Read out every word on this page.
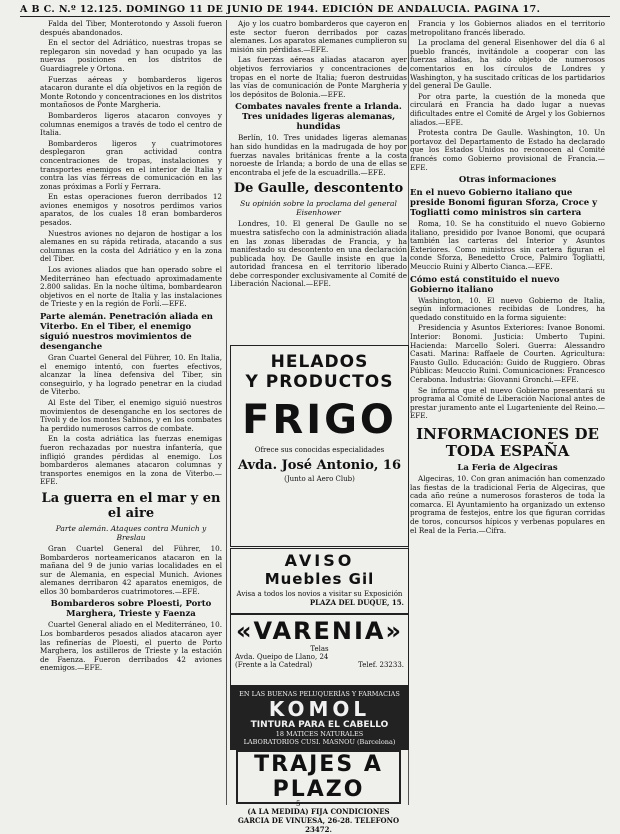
A B C. N.º 12.125. DOMINGO 11 DE JUNIO DE 1944. EDICIÓN DE ANDALUCIA. PAGINA 17.

Falda del Tiber, Monterotondo y Assoli fueron después abandonados.

En el sector del Adriático, nuestras tropas se replegaron sin novedad y han ocupado ya las nuevas posiciones en los distritos de Guardiagrele y Ortona.

Fuerzas aéreas y bombarderos ligeros atacaron durante el día objetivos en la región de Monte Rotondo y concentraciones en los distritos montañosos de Ponte Margheria.

Bombarderos ligeros atacaron convoyes y columnas enemigos a través de todo el centro de Italia.

Bombarderos ligeros y cuatrimotores desplegaron gran actividad contra concentraciones de tropas, instalaciones y transportes enemigos en el interior de Italia y contra las vías férreas de comunicación en las zonas próximas a Forlí y Ferrara.

En estas operaciones fueron derribados 12 aviones enemigos y nosotros perdimos varios aparatos, de los cuales 18 eran bombarderos pesados.

Nuestros aviones no dejaron de hostigar a los alemanes en su rápida retirada, atacando a sus columnas en la costa del Adriático y en la zona del Tiber.

Los aviones aliados que han operado sobre el Mediterráneo han efectuado aproximadamente 2.800 salidas. En la noche última, bombardearon objetivos en el norte de Italia y las instalaciones de Trieste y en la región de Forlí.—EFE.

Parte alemán. Penetración aliada en Viterbo. En el Tiber, el enemigo siguió nuestros movimientos de desenganche

Gran Cuartel General del Führer, 10. En Italia, el enemigo intentó, con fuertes efectivos, alcanzar la línea defensiva del Tiber, sin conseguirlo, y ha logrado penetrar en la ciudad de Viterbo.

Al Este del Tiber, el enemigo siguió nuestros movimientos de desenganche en los sectores de Tívoli y de los montes Sabinos, y en los combates ha perdido numerosos carros de combate.

En la costa adriática las fuerzas enemigas fueron rechazadas por nuestra infantería, que infligió grandes pérdidas al enemigo. Los bombarderos alemanes atacaron columnas y transportes enemigos en la zona de Viterbo.—EFE.

La guerra en el mar y en el aire
Parte alemán. Ataques contra Munich y Breslau

Gran Cuartel General del Führer, 10. Bombarderos norteamericanos atacaron en la mañana del 9 de junio varias localidades en el sur de Alemania, en especial Munich. Aviones alemanes derribaron 42 aparatos enemigos, de ellos 30 bombarderos cuatrimotores.—EFE.

Bombarderos sobre Ploesti, Porto Marghera, Trieste y Faenza

Cuartel General aliado en el Mediterráneo, 10. Los bombarderos pesados aliados atacaron ayer las refinerías de Ploesti, el puerto de Porto Marghera, los astilleros de Trieste y la estación de Faenza. Fueron derribados 42 aviones enemigos.—EFE.

Ajo y los cuatro bombarderos que cayeron en este sector fueron derribados por cazas alemanes. Los aparatos alemanes cumplieron su misión sin pérdidas.—EFE.

Las fuerzas aéreas aliadas atacaron ayer objetivos ferroviarios y concentraciones de tropas en el norte de Italia; fueron destruidas las vías de comunicación de Ponte Margheria y los depósitos de Bolonia.—EFE.

Combates navales frente a Irlanda. Tres unidades ligeras alemanas, hundidas

Berlín, 10. Tres unidades ligeras alemanas han sido hundidas en la madrugada de hoy por fuerzas navales británicas frente a la costa noroeste de Irlanda; a bordo de una de ellas se encontraba el jefe de la escuadrilla.—EFE.

De Gaulle, descontento
Su opinión sobre la proclama del general Eisenhower

Londres, 10. El general De Gaulle no se muestra satisfecho con la administración aliada en las zonas liberadas de Francia, y ha manifestado su descontento en una declaración publicada hoy. De Gaulle insiste en que la autoridad francesa en el territorio liberado debe corresponder exclusivamente al Comité de Liberación Nacional.—EFE.

HELADOS
Y PRODUCTOS
FRIGO
Ofrece sus conocidas especialidades
Avda. José Antonio, 16
(Junto al Aero Club)
AVISO
Muebles Gil
Avisa a todos los novios a visitar su Exposición
PLAZA DEL DUQUE, 15.
«VARENIA»
Telas
Avda. Queipo de Llano, 24
(Frente a la Catedral)	Telef. 23233.
EN LAS BUENAS PELUQUERÍAS Y FARMACIAS
KOMOL
TINTURA PARA EL CABELLO
18 MATICES NATURALES
LABORATORIOS CUSI. MASNOU (Barcelona)
TRAJES A PLAZO
(A LA MEDIDA) FIJA CONDICIONES
GARCIA DE VINUESA, 26-28. TELEFONO 23472.

Francia y los Gobiernos aliados en el territorio metropolitano francés liberado.

La proclama del general Eisenhower del día 6 al pueblo francés, invitándole a cooperar con las fuerzas aliadas, ha sido objeto de numerosos comentarios en los círculos de Londres y Washington, y ha suscitado críticas de los partidarios del general De Gaulle.

Por otra parte, la cuestión de la moneda que circulará en Francia ha dado lugar a nuevas dificultades entre el Comité de Argel y los Gobiernos aliados.—EFE.

Protesta contra De Gaulle. Washington, 10. Un portavoz del Departamento de Estado ha declarado que los Estados Unidos no reconocen al Comité francés como Gobierno provisional de Francia.—EFE.

Otras informaciones
En el nuevo Gobierno italiano que preside Bonomi figuran Sforza, Croce y Togliatti como ministros sin cartera

Roma, 10. Se ha constituido el nuevo Gobierno italiano, presidido por Ivanoe Bonomi, que ocupará también las carteras del Interior y Asuntos Exteriores. Como ministros sin cartera figuran el conde Sforza, Benedetto Croce, Palmiro Togliatti, Meuccio Ruini y Alberto Cianca.—EFE.

Cómo está constituido el nuevo Gobierno italiano

Washington, 10. El nuevo Gobierno de Italia, según informaciones recibidas de Londres, ha quedado constituido en la forma siguiente:

Presidencia y Asuntos Exteriores: Ivanoe Bonomi. Interior: Bonomi. Justicia: Umberto Tupini. Hacienda: Marcello Soleri. Guerra: Alessandro Casati. Marina: Raffaele de Courten. Agricultura: Fausto Gullo. Educación: Guido de Ruggiero. Obras Públicas: Meuccio Ruini. Comunicaciones: Francesco Cerabona. Industria: Giovanni Gronchi.—EFE.

Se informa que el nuevo Gobierno presentará su programa al Comité de Liberación Nacional antes de prestar juramento ante el Lugarteniente del Reino.—EFE.

INFORMACIONES DE TODA ESPAÑA
La Feria de Algeciras

Algeciras, 10. Con gran animación han comenzado las fiestas de la tradicional Feria de Algeciras, que cada año reúne a numerosos forasteros de toda la comarca. El Ayuntamiento ha organizado un extenso programa de festejos, entre los que figuran corridas de toros, concursos hípicos y verbenas populares en el Real de la Feria.—Cifra.

5
